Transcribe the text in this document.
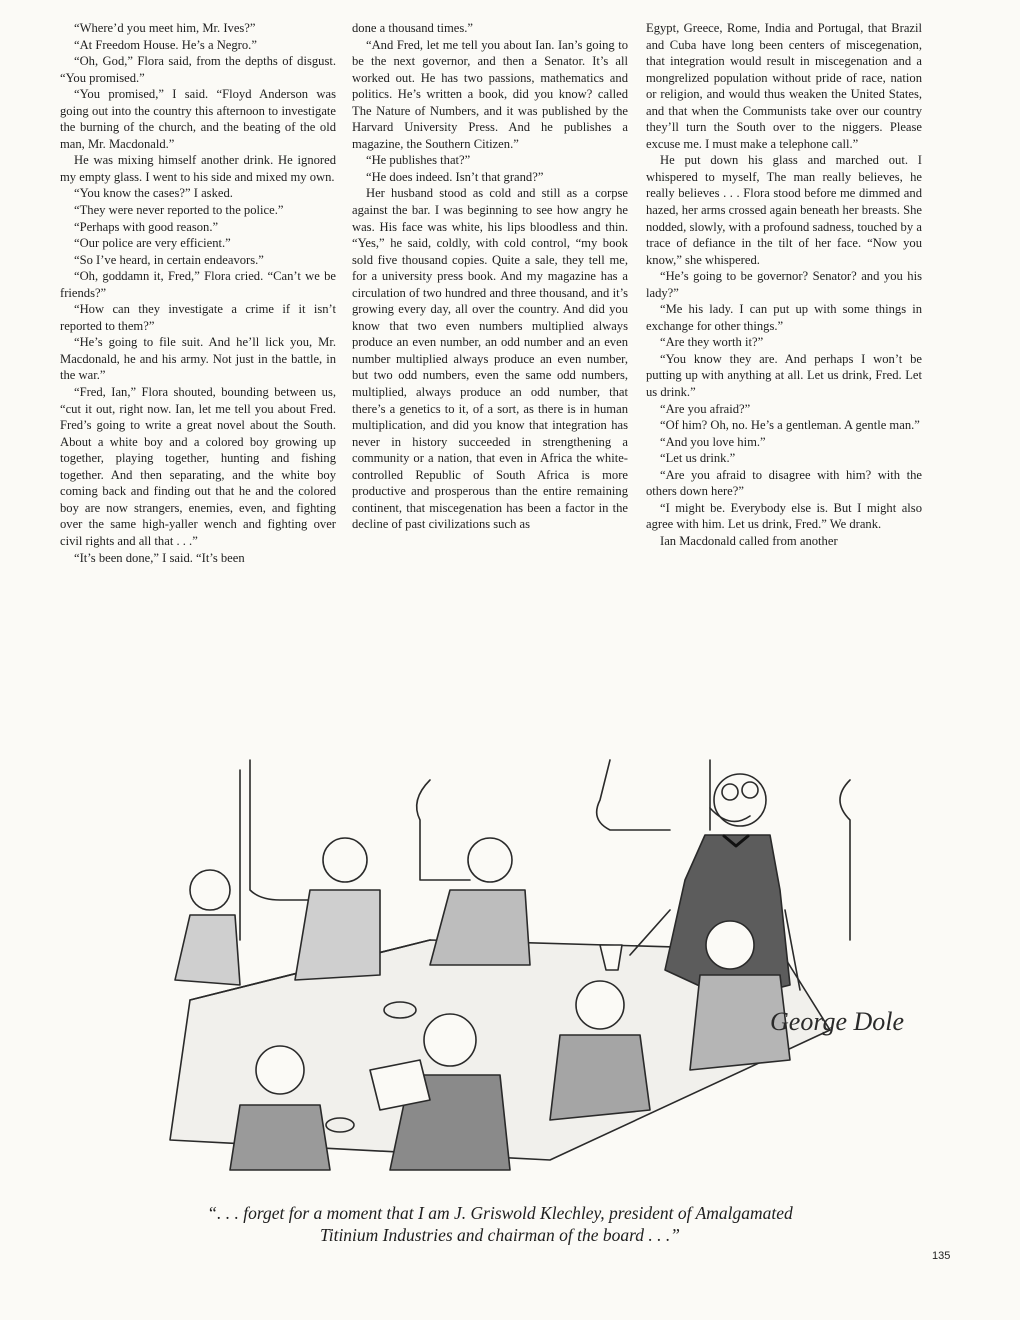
“Where’d you meet him, Mr. Ives?”

“At Freedom House. He’s a Negro.”

“Oh, God,” Flora said, from the depths of disgust. “You promised.”

“You promised,” I said. “Floyd Anderson was going out into the country this afternoon to investigate the burning of the church, and the beating of the old man, Mr. Macdonald.”

He was mixing himself another drink. He ignored my empty glass. I went to his side and mixed my own.

“You know the cases?” I asked.

“They were never reported to the police.”

“Perhaps with good reason.”

“Our police are very efficient.”

“So I’ve heard, in certain endeavors.”

“Oh, goddamn it, Fred,” Flora cried. “Can’t we be friends?”

“How can they investigate a crime if it isn’t reported to them?”

“He’s going to file suit. And he’ll lick you, Mr. Macdonald, he and his army. Not just in the battle, in the war.”

“Fred, Ian,” Flora shouted, bounding between us, “cut it out, right now. Ian, let me tell you about Fred. Fred’s going to write a great novel about the South. About a white boy and a colored boy growing up together, playing together, hunting and fishing together. And then separating, and the white boy coming back and finding out that he and the colored boy are now strangers, enemies, even, and fighting over the same high-yaller wench and fighting over civil rights and all that . . .”

“It’s been done,” I said. “It’s been

done a thousand times.”

“And Fred, let me tell you about Ian. Ian’s going to be the next governor, and then a Senator. It’s all worked out. He has two passions, mathematics and politics. He’s written a book, did you know? called The Nature of Numbers, and it was published by the Harvard University Press. And he publishes a magazine, the Southern Citizen.”

“He publishes that?”

“He does indeed. Isn’t that grand?”

Her husband stood as cold and still as a corpse against the bar. I was beginning to see how angry he was. His face was white, his lips bloodless and thin. “Yes,” he said, coldly, with cold control, “my book sold five thousand copies. Quite a sale, they tell me, for a university press book. And my magazine has a circulation of two hundred and three thousand, and it’s growing every day, all over the country. And did you know that two even numbers multiplied always produce an even number, an odd number and an even number multiplied always produce an even number, but two odd numbers, even the same odd numbers, multiplied, always produce an odd number, that there’s a genetics to it, of a sort, as there is in human multiplication, and did you know that integration has never in history succeeded in strengthening a community or a nation, that even in Africa the white-controlled Republic of South Africa is more productive and prosperous than the entire remaining continent, that miscegenation has been a factor in the decline of past civilizations such as

Egypt, Greece, Rome, India and Portugal, that Brazil and Cuba have long been centers of miscegenation, that integration would result in miscegenation and a mongrelized population without pride of race, nation or religion, and would thus weaken the United States, and that when the Communists take over our country they’ll turn the South over to the niggers. Please excuse me. I must make a telephone call.”

He put down his glass and marched out. I whispered to myself, The man really believes, he really believes . . . Flora stood before me dimmed and hazed, her arms crossed again beneath her breasts. She nodded, slowly, with a profound sadness, touched by a trace of defiance in the tilt of her face. “Now you know,” she whispered.

“He’s going to be governor? Senator? and you his lady?”

“Me his lady. I can put up with some things in exchange for other things.”

“Are they worth it?”

“You know they are. And perhaps I won’t be putting up with anything at all. Let us drink, Fred. Let us drink.”

“Are you afraid?”

“Of him? Oh, no. He’s a gentleman. A gentle man.”

“And you love him.”

“Let us drink.”

“Are you afraid to disagree with him? with the others down here?”

“I might be. Everybody else is. But I might also agree with him. Let us drink, Fred.” We drank.

Ian Macdonald called from another

George Dole
“. . . forget for a moment that I am J. Griswold Klechley, president of Amalgamated Titinium Industries and chairman of the board . . .”
135
